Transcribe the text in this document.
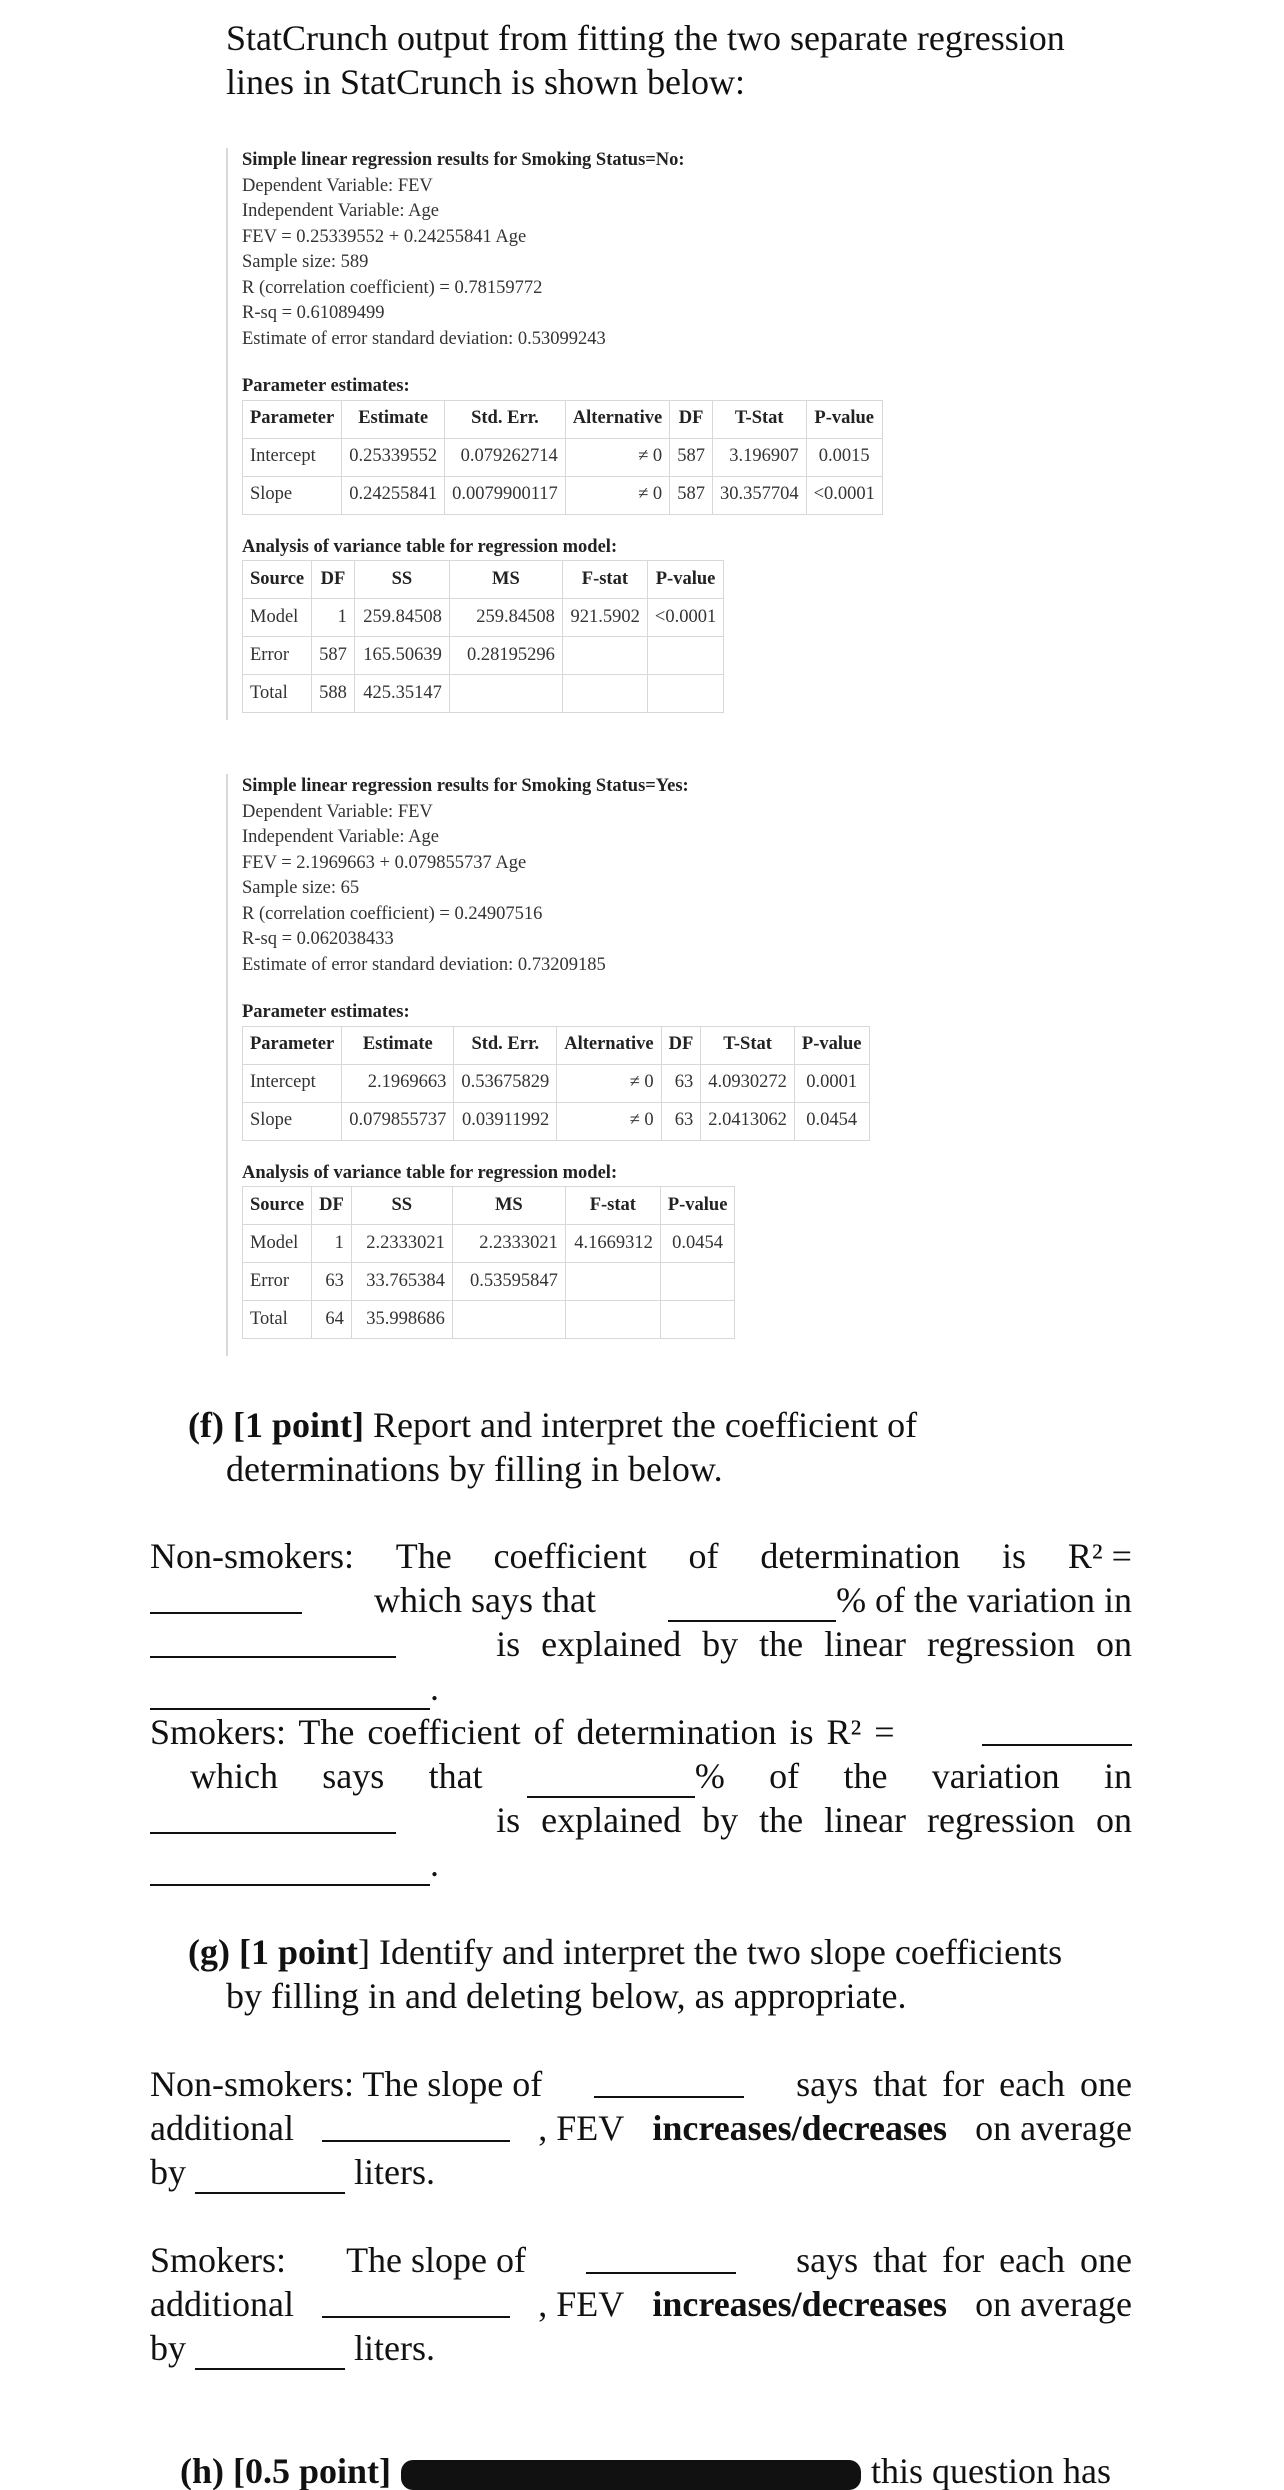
StatCrunch output from fitting the two separate regression
lines in StatCrunch is shown below:
Simple linear regression results for Smoking Status=No:
Dependent Variable: FEV
Independent Variable: Age
FEV = 0.25339552 + 0.24255841 Age
Sample size: 589
R (correlation coefficient) = 0.78159772
R-sq = 0.61089499
Estimate of error standard deviation: 0.53099243
Parameter estimates:
Parameter	Estimate	Std. Err.	Alternative	DF	T-Stat	P-value
Intercept	0.25339552	0.079262714	≠ 0	587	3.196907	0.0015
Slope	0.24255841	0.0079900117	≠ 0	587	30.357704	<0.0001
Analysis of variance table for regression model:
Source	DF	SS	MS	F-stat	P-value
Model	1	259.84508	259.84508	921.5902	<0.0001
Error	587	165.50639	0.28195296		
Total	588	425.35147			
Simple linear regression results for Smoking Status=Yes:
Dependent Variable: FEV
Independent Variable: Age
FEV = 2.1969663 + 0.079855737 Age
Sample size: 65
R (correlation coefficient) = 0.24907516
R-sq = 0.062038433
Estimate of error standard deviation: 0.73209185
Parameter estimates:
Parameter	Estimate	Std. Err.	Alternative	DF	T-Stat	P-value
Intercept	2.1969663	0.53675829	≠ 0	63	4.0930272	0.0001
Slope	0.079855737	0.03911992	≠ 0	63	2.0413062	0.0454
Analysis of variance table for regression model:
Source	DF	SS	MS	F-stat	P-value
Model	1	2.2333021	2.2333021	4.1669312	0.0454
Error	63	33.765384	0.53595847		
Total	64	35.998686			
(f) [1 point] Report and interpret the coefficient of
determinations by filling in below.
Non-smokers: The coefficient of determination is R² =
which says that	% of the variation in
is explained by the linear regression on
.
Smokers: The coefficient of determination is R² =
which says that	% of the variation in
is explained by the linear regression on
.
(g) [1 point] Identify and interpret the two slope coefficients
by filling in and deleting below, as appropriate.
Non-smokers: The slope of	says that for each one
additional	, FEV increases/decreases on average
by	liters.
Smokers: The slope of	says that for each one
additional	, FEV increases/decreases on average
by	liters.
(h) [0.5 point]	this question has
